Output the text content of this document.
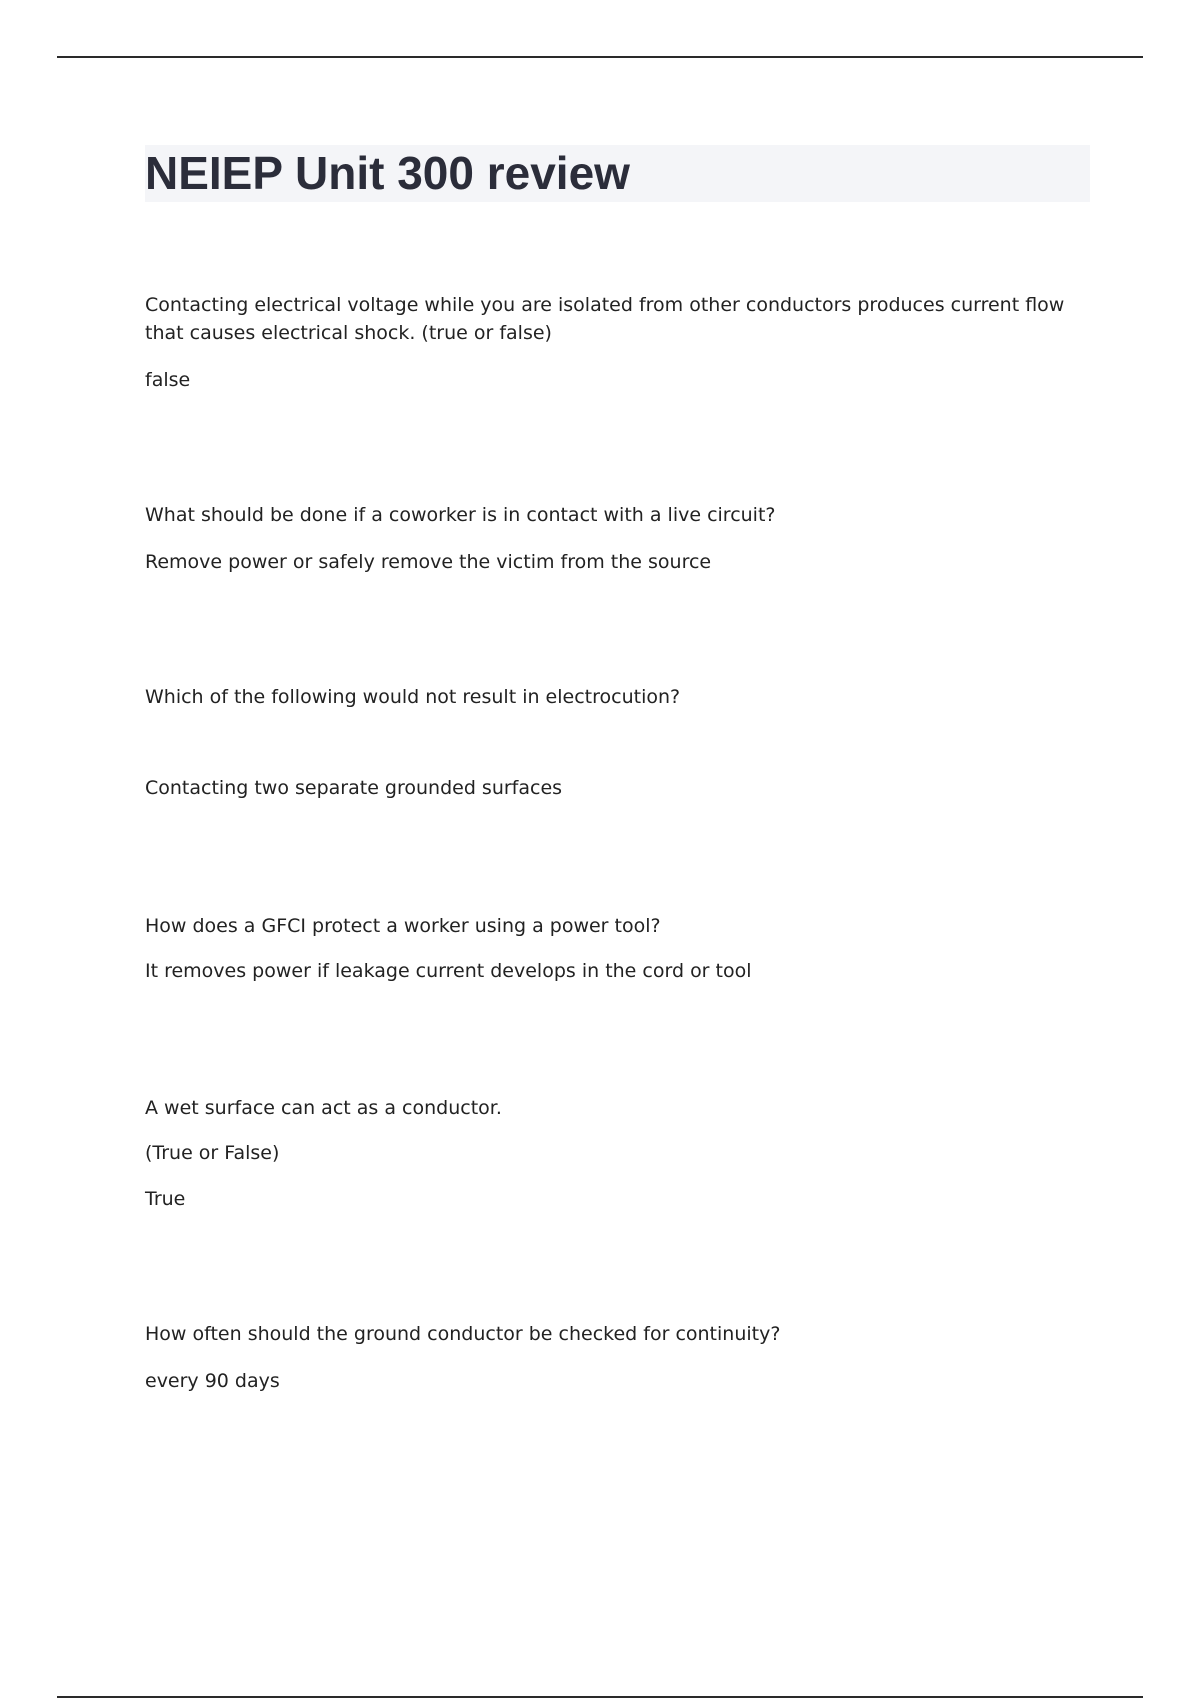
NEIEP Unit 300 review

Contacting electrical voltage while you are isolated from other conductors produces current flow that causes electrical shock. (true or false)

false

What should be done if a coworker is in contact with a live circuit?

Remove power or safely remove the victim from the source

Which of the following would not result in electrocution?

Contacting two separate grounded surfaces

How does a GFCI protect a worker using a power tool?

It removes power if leakage current develops in the cord or tool

A wet surface can act as a conductor.

(True or False)

True

How often should the ground conductor be checked for continuity?

every 90 days
